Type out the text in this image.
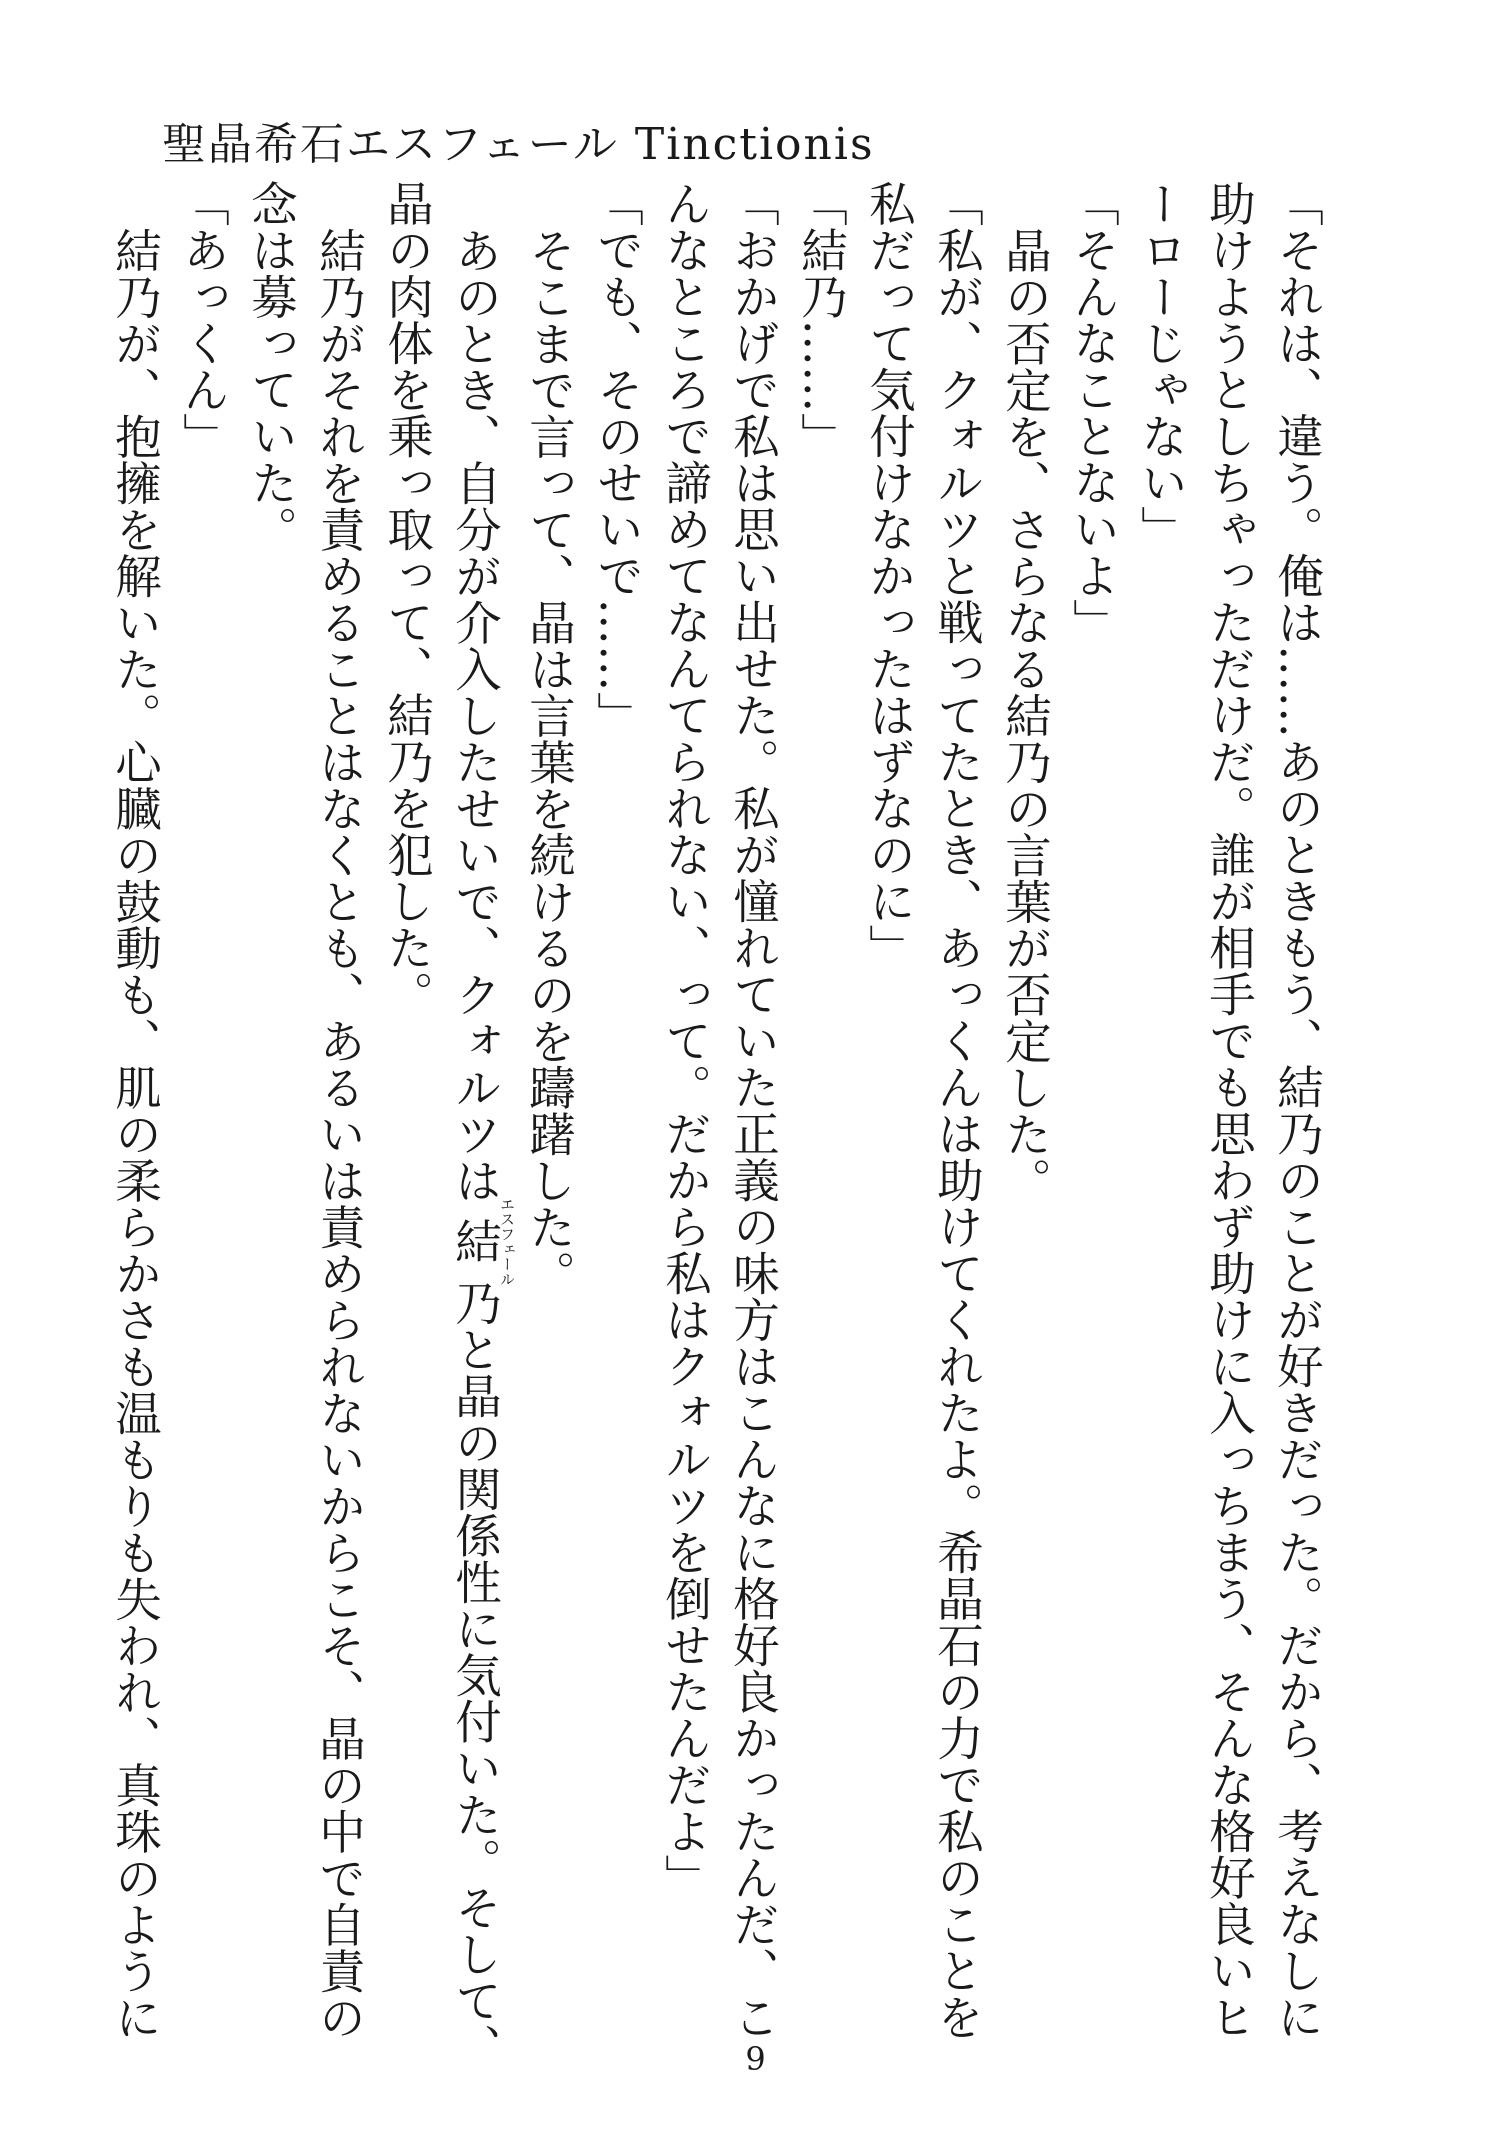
聖晶希石エスフェール Tinctionis

「それは、違う。俺は……あのときもう、結乃のことが好きだった。だから、考えなしに

助けようとしちゃっただけだ。誰が相手でも思わず助けに入っちまう、そんな格好良いヒ

ーローじゃない」

「そんなことないよ」

晶の否定を、さらなる結乃の言葉が否定した。

「私が、クォルツと戦ってたとき、あっくんは助けてくれたよ。希晶石の力で私のことを

私だって気付けなかったはずなのに」

「結乃……」

「おかげで私は思い出せた。私が憧れていた正義の味方はこんなに格好良かったんだ、こ

んなところで諦めてなんてられない、って。だから私はクォルツを倒せたんだよ」

「でも、そのせいで……」

そこまで言って、晶は言葉を続けるのを躊躇した。

あのとき、自分が介入したせいで、クォルツは結エスフェール乃と晶の関係性に気付いた。そして、

晶の肉体を乗っ取って、結乃を犯した。

結乃がそれを責めることはなくとも、あるいは責められないからこそ、晶の中で自責の

念は募っていた。

「あっくん」

結乃が、抱擁を解いた。心臓の鼓動も、肌の柔らかさも温もりも失われ、真珠のように

9
